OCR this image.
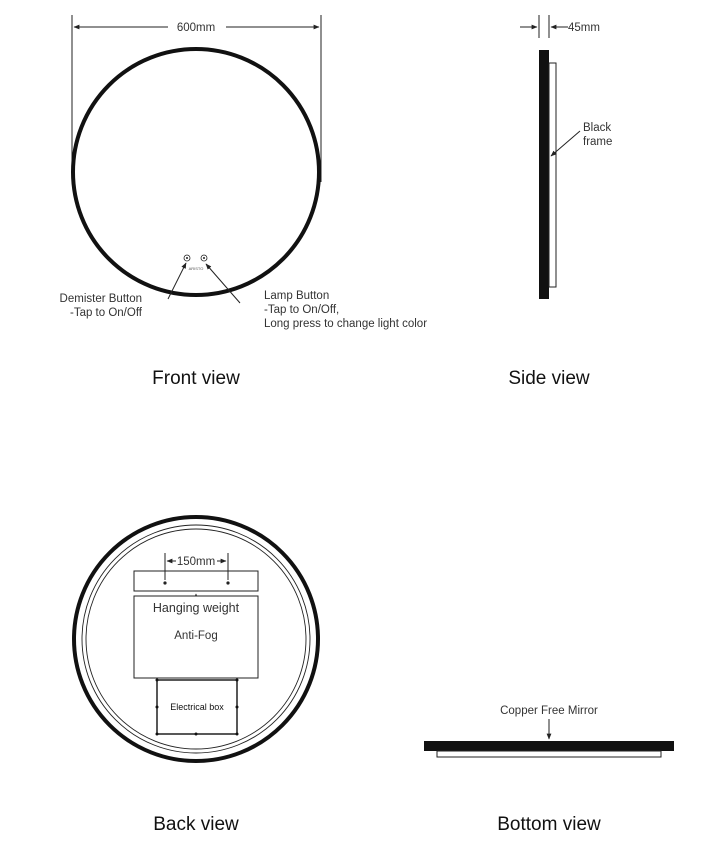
600mm
ARISTO
Demister Button
-Tap to On/Off
Lamp Button
-Tap to On/Off,
Long press to change light color
Front view
45mm
Black
frame
Side view
150mm
Hanging weight
Anti-Fog
Electrical box
Back view
Copper Free Mirror
Bottom view
